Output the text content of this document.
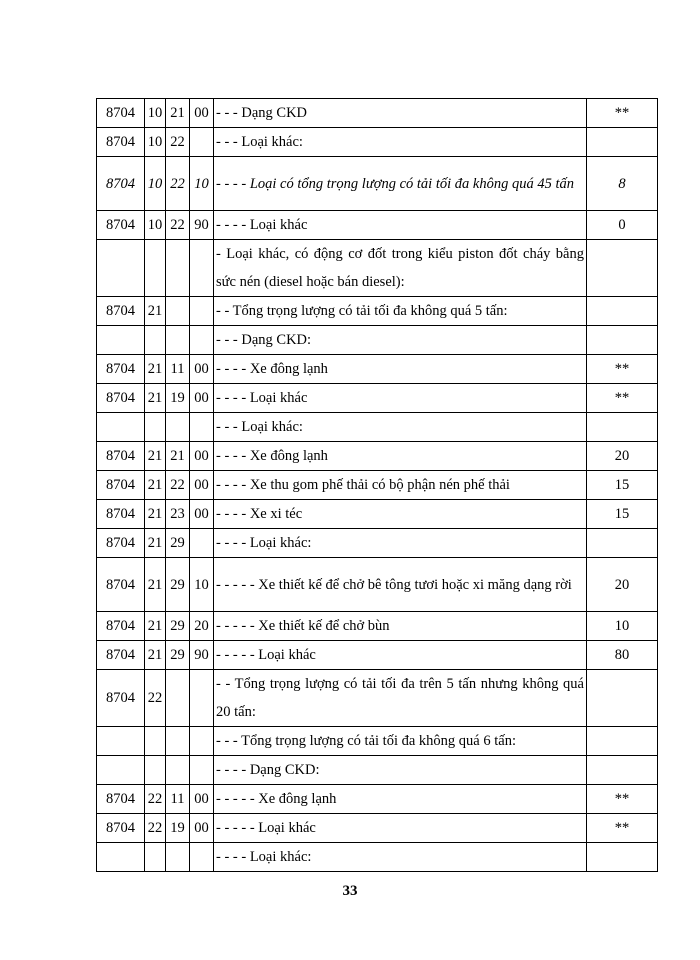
8704	10	21	00	- - - Dạng CKD	**
8704	10	22		- - - Loại khác:	
8704	10	22	10	- - - - Loại có tổng trọng lượng có tải tối đa không quá 45 tấn	8
8704	10	22	90	- - - - Loại khác	0
				- Loại khác, có động cơ đốt trong kiểu piston đốt cháy bằng sức nén (diesel hoặc bán diesel):	
8704	21			- - Tổng trọng lượng có tải tối đa không quá 5 tấn:	
				- - - Dạng CKD:	
8704	21	11	00	- - - - Xe đông lạnh	**
8704	21	19	00	- - - - Loại khác	**
				- - - Loại khác:	
8704	21	21	00	- - - - Xe đông lạnh	20
8704	21	22	00	- - - - Xe thu gom phế thải có bộ phận nén phế thải	15
8704	21	23	00	- - - - Xe xi téc	15
8704	21	29		- - - - Loại khác:	
8704	21	29	10	- - - - - Xe thiết kế để chở bê tông tươi hoặc xi măng dạng rời	20
8704	21	29	20	- - - - - Xe thiết kế để chở bùn	10
8704	21	29	90	- - - - - Loại khác	80
8704	22			- - Tổng trọng lượng có tải tối đa trên 5 tấn nhưng không quá 20 tấn:	
				- - - Tổng trọng lượng có tải tối đa không quá 6 tấn:	
				- - - - Dạng CKD:	
8704	22	11	00	- - - - - Xe đông lạnh	**
8704	22	19	00	- - - - - Loại khác	**
				- - - - Loại khác:	
33
